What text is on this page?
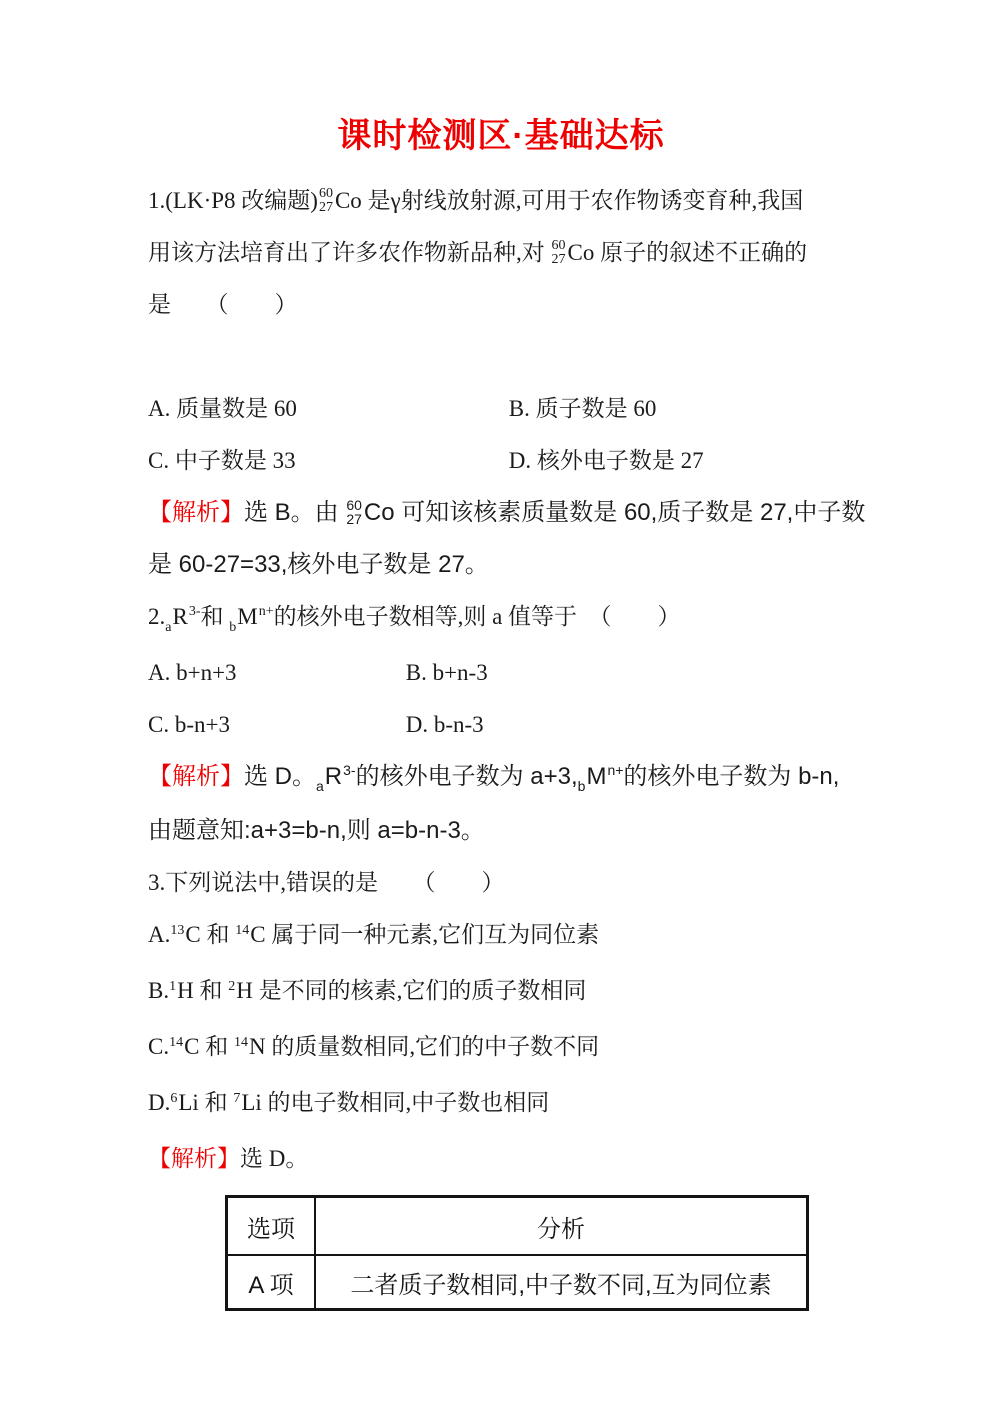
课时检测区·基础达标
1.(LK·P8 改编题) 60
27 Co 是γ射线放射源,可用于农作物诱变育种,我国
用该方法培育出了许多农作物新品种,对 60
27 Co 原子的叙述不正确的
是　　（　　）
A. 质量数是 60	B. 质子数是 60
C. 中子数是 33	D. 核外电子数是 27
【解析】选 B。由 60
27 Co 可知该核素质量数是 60,质子数是 27,中子数
是 60-27=33,核外电子数是 27。
$2._aR^{3-}$和 $_bM^{n+}$的核外电子数相等,则 a 值等于　（　　）
A. b+n+3	B. b+n-3
C. b-n+3	D. b-n-3
【解析】选 D。$_aR^{3-}$的核外电子数为 $a+3,_bM^{n+}$的核外电子数为 b-n,
由题意知:a+3=b-n,则 a=b-n-3。
3.下列说法中,错误的是　　（　　）
A.$^{13}$C 和 $^{14}$C 属于同一种元素,它们互为同位素
B.$^1$H 和 $^2$H 是不同的核素,它们的质子数相同
C.$^{14}$C 和 $^{14}$N 的质量数相同,它们的中子数不同
D.$^6$Li 和 $^7$Li 的电子数相同,中子数也相同
【解析】选 D。
选项	分析
A 项	二者质子数相同,中子数不同,互为同位素
